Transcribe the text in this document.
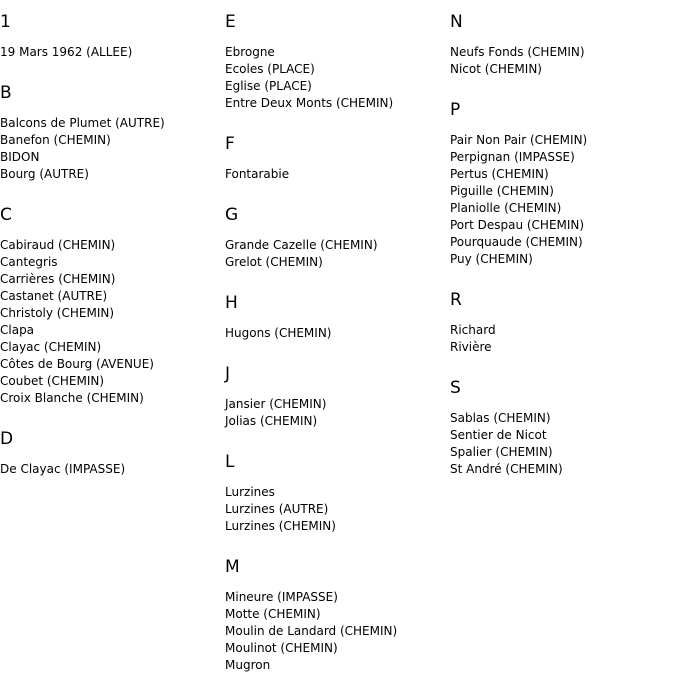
1
19 Mars 1962 (ALLEE)
B
Balcons de Plumet (AUTRE)
Banefon (CHEMIN)
BIDON
Bourg (AUTRE)
C
Cabiraud (CHEMIN)
Cantegris
Carrières (CHEMIN)
Castanet (AUTRE)
Christoly (CHEMIN)
Clapa
Clayac (CHEMIN)
Côtes de Bourg (AVENUE)
Coubet (CHEMIN)
Croix Blanche (CHEMIN)
D
De Clayac (IMPASSE)
E
Ebrogne
Ecoles (PLACE)
Eglise (PLACE)
Entre Deux Monts (CHEMIN)
F
Fontarabie
G
Grande Cazelle (CHEMIN)
Grelot (CHEMIN)
H
Hugons (CHEMIN)
J
Jansier (CHEMIN)
Jolias (CHEMIN)
L
Lurzines
Lurzines (AUTRE)
Lurzines (CHEMIN)
M
Mineure (IMPASSE)
Motte (CHEMIN)
Moulin de Landard (CHEMIN)
Moulinot (CHEMIN)
Mugron
N
Neufs Fonds (CHEMIN)
Nicot (CHEMIN)
P
Pair Non Pair (CHEMIN)
Perpignan (IMPASSE)
Pertus (CHEMIN)
Piguille (CHEMIN)
Planiolle (CHEMIN)
Port Despau (CHEMIN)
Pourquaude (CHEMIN)
Puy (CHEMIN)
R
Richard
Rivière
S
Sablas (CHEMIN)
Sentier de Nicot
Spalier (CHEMIN)
St André (CHEMIN)
